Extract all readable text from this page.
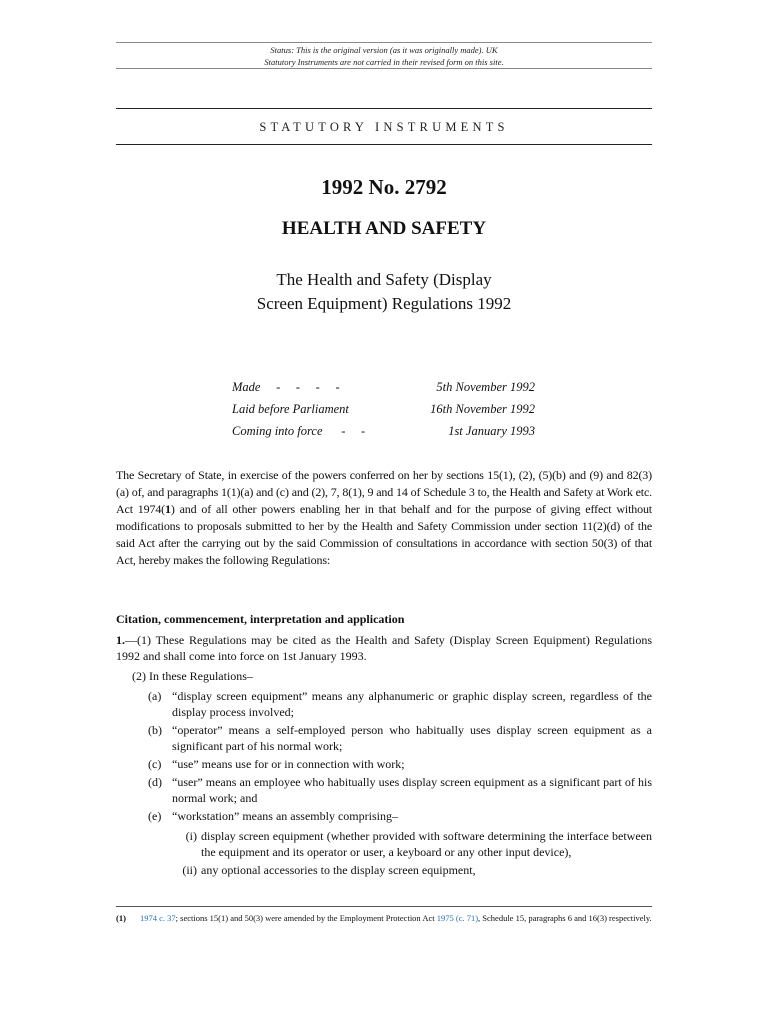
Status: This is the original version (as it was originally made). UK
Statutory Instruments are not carried in their revised form on this site.
STATUTORY INSTRUMENTS
1992 No. 2792
HEALTH AND SAFETY
The Health and Safety (Display
Screen Equipment) Regulations 1992
Made     -     -     -     -	5th November 1992
Laid before Parliament	16th November 1992
Coming into force      -     -	1st January 1993
The Secretary of State, in exercise of the powers conferred on her by sections 15(1), (2), (5)(b) and (9) and 82(3)(a) of, and paragraphs 1(1)(a) and (c) and (2), 7, 8(1), 9 and 14 of Schedule 3 to, the Health and Safety at Work etc. Act 1974(1) and of all other powers enabling her in that behalf and for the purpose of giving effect without modifications to proposals submitted to her by the Health and Safety Commission under section 11(2)(d) of the said Act after the carrying out by the said Commission of consultations in accordance with section 50(3) of that Act, hereby makes the following Regulations:
Citation, commencement, interpretation and application
1.—(1) These Regulations may be cited as the Health and Safety (Display Screen Equipment) Regulations 1992 and shall come into force on 1st January 1993.
(2) In these Regulations–
(a) “display screen equipment” means any alphanumeric or graphic display screen, regardless of the display process involved;
(b) “operator” means a self-employed person who habitually uses display screen equipment as a significant part of his normal work;
(c) “use” means use for or in connection with work;
(d) “user” means an employee who habitually uses display screen equipment as a significant part of his normal work; and
(e) “workstation” means an assembly comprising–
(i) display screen equipment (whether provided with software determining the interface between the equipment and its operator or user, a keyboard or any other input device),
(ii) any optional accessories to the display screen equipment,
(1) 1974 c. 37; sections 15(1) and 50(3) were amended by the Employment Protection Act 1975 (c. 71), Schedule 15, paragraphs 6 and 16(3) respectively.
